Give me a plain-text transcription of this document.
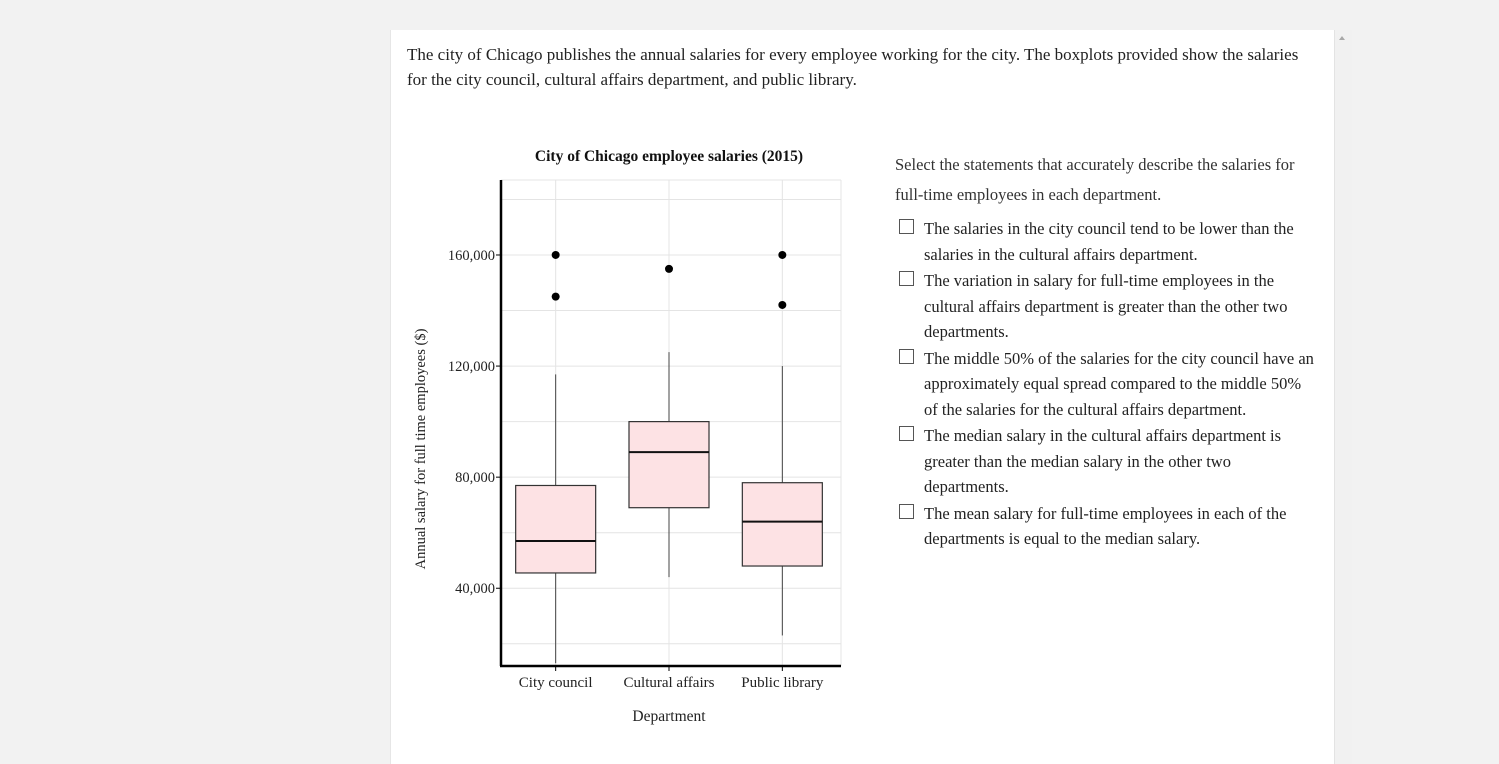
The city of Chicago publishes the annual salaries for every employee working for the city. The boxplots provided show the salaries for the city council, cultural affairs department, and public library.

City of Chicago employee salaries (2015)
40,000
80,000
120,000
160,000
Annual salary for full time employees ($)
Department
City council Cultural affairs Public library

Select the statements that accurately describe the salaries for full-time employees in each department.

The salaries in the city council tend to be lower than the salaries in the cultural affairs department.
The variation in salary for full-time employees in the cultural affairs department is greater than the other two departments.
The middle 50% of the salaries for the city council have an approximately equal spread compared to the middle 50% of the salaries for the cultural affairs department.
The median salary in the cultural affairs department is greater than the median salary in the other two departments.
The mean salary for full-time employees in each of the departments is equal to the median salary.
